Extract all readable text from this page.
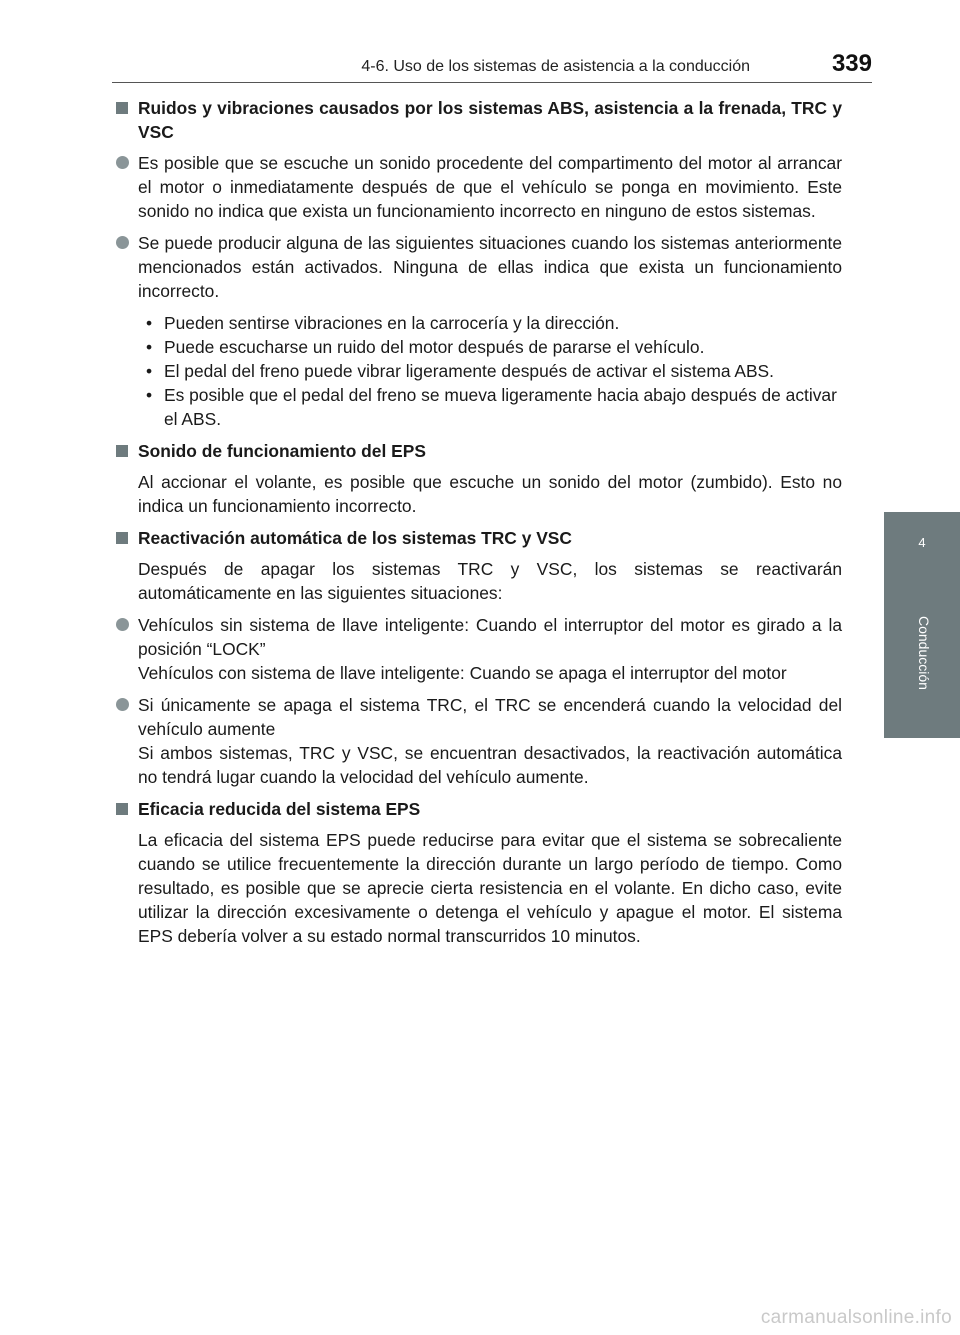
4-6. Uso de los sistemas de asistencia a la conducción	339
4
Conducción
Ruidos y vibraciones causados por los sistemas ABS, asistencia a la frenada, TRC y VSC
Es posible que se escuche un sonido procedente del compartimento del motor al arrancar el motor o inmediatamente después de que el vehículo se ponga en movimiento. Este sonido no indica que exista un funcionamiento incorrecto en ninguno de estos sistemas.
Se puede producir alguna de las siguientes situaciones cuando los sistemas anteriormente mencionados están activados. Ninguna de ellas indica que exista un funcionamiento incorrecto.
• Pueden sentirse vibraciones en la carrocería y la dirección.
• Puede escucharse un ruido del motor después de pararse el vehículo.
• El pedal del freno puede vibrar ligeramente después de activar el sistema ABS.
• Es posible que el pedal del freno se mueva ligeramente hacia abajo después de activar el ABS.
Sonido de funcionamiento del EPS
Al accionar el volante, es posible que escuche un sonido del motor (zumbido). Esto no indica un funcionamiento incorrecto.
Reactivación automática de los sistemas TRC y VSC
Después de apagar los sistemas TRC y VSC, los sistemas se reactivarán automáticamente en las siguientes situaciones:

Vehículos sin sistema de llave inteligente: Cuando el interruptor del motor es girado a la posición “LOCK”

Vehículos con sistema de llave inteligente: Cuando se apaga el interruptor del motor

Si únicamente se apaga el sistema TRC, el TRC se encenderá cuando la velocidad del vehículo aumente

Si ambos sistemas, TRC y VSC, se encuentran desactivados, la reactivación automática no tendrá lugar cuando la velocidad del vehículo aumente.

Eficacia reducida del sistema EPS
La eficacia del sistema EPS puede reducirse para evitar que el sistema se sobrecaliente cuando se utilice frecuentemente la dirección durante un largo período de tiempo. Como resultado, es posible que se aprecie cierta resistencia en el volante. En dicho caso, evite utilizar la dirección excesivamente o detenga el vehículo y apague el motor. El sistema EPS debería volver a su estado normal transcurridos 10 minutos.
carmanualsonline.info
